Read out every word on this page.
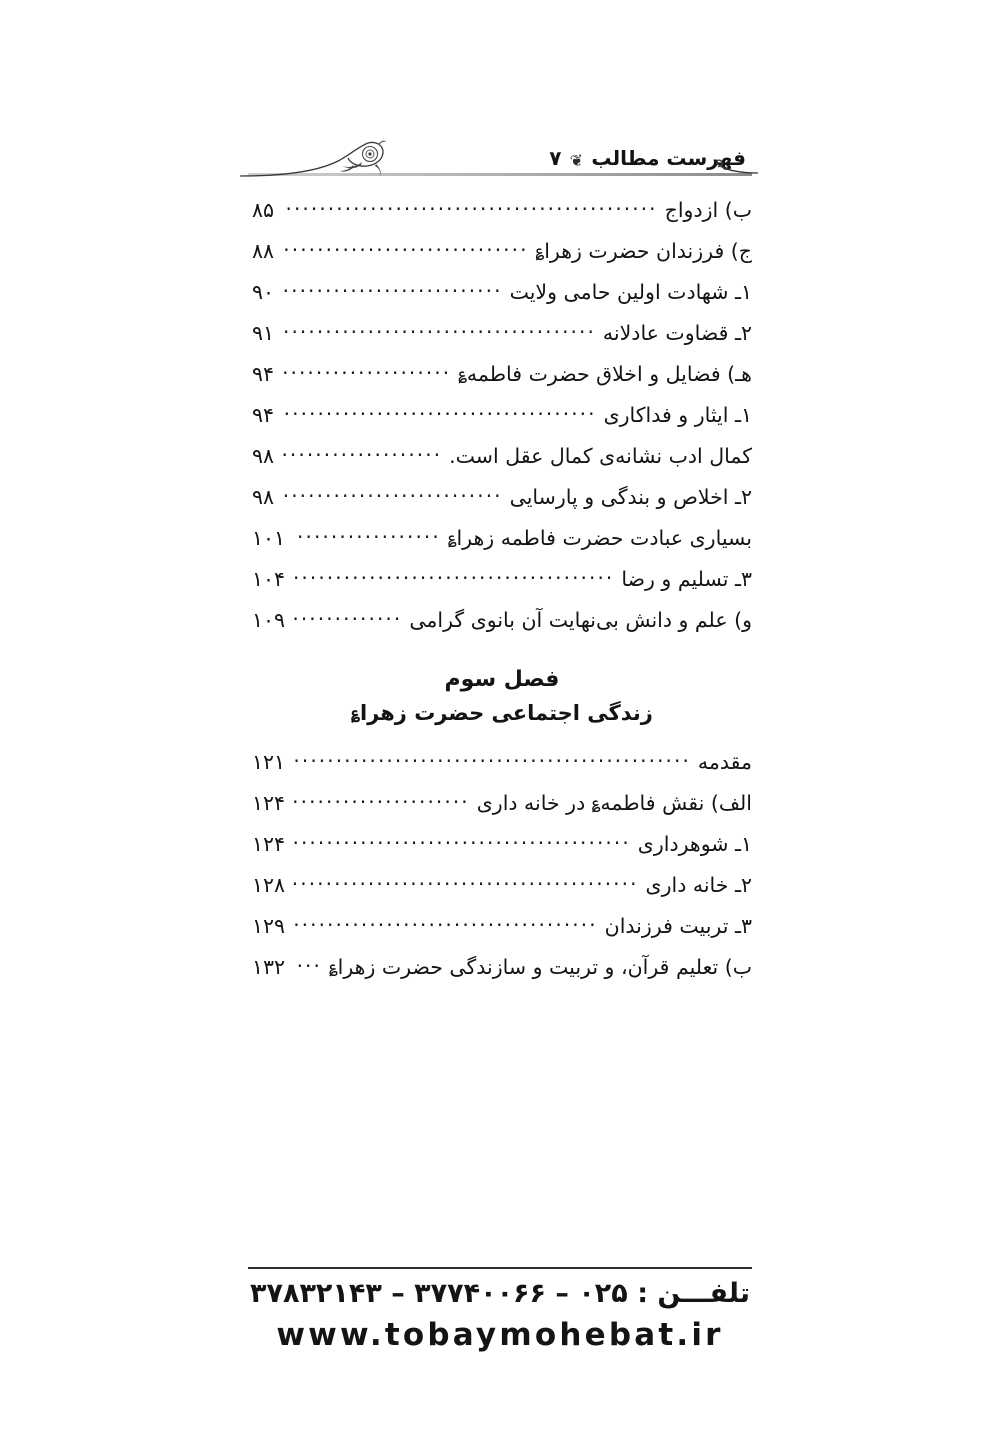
فهرست مطالب❦۷
ب) ازدواج
.....
۸۵
ج) فرزندان حضرت زهرا؏
.....
۸۸
۱ـ شهادت اولین حامی ولایت
.....
۹۰
۲ـ قضاوت عادلانه
.....
۹۱
هـ) فضایل و اخلاق حضرت فاطمه؏
.....
۹۴
۱ـ ایثار و فداکاری
.....
۹۴
کمال ادب نشانه‌ی کمال عقل است.
.....
۹۸
۲ـ اخلاص و بندگی و پارسایی
.....
۹۸
بسیاری عبادت حضرت فاطمه زهرا؏
.....
۱۰۱
۳ـ تسلیم و رضا
.....
۱۰۴
و) علم و دانش بی‌نهایت آن بانوی گرامی
.....
۱۰۹
فصل سوم
زندگی اجتماعی حضرت زهرا؏
مقدمه
.....
۱۲۱
الف) نقش فاطمه؏ در خانه داری
.....
۱۲۴
۱ـ شوهرداری
.....
۱۲۴
۲ـ خانه داری
.....
۱۲۸
۳ـ تربیت فرزندان
.....
۱۲۹
ب) تعلیم قرآن، و تربیت و سازندگی حضرت زهرا؏
.....
۱۳۲
تلفـــن : ۰۲۵ – ۳۷۷۴۰۰۶۶ – ۳۷۸۳۲۱۴۳
www.tobaymohebat.ir
